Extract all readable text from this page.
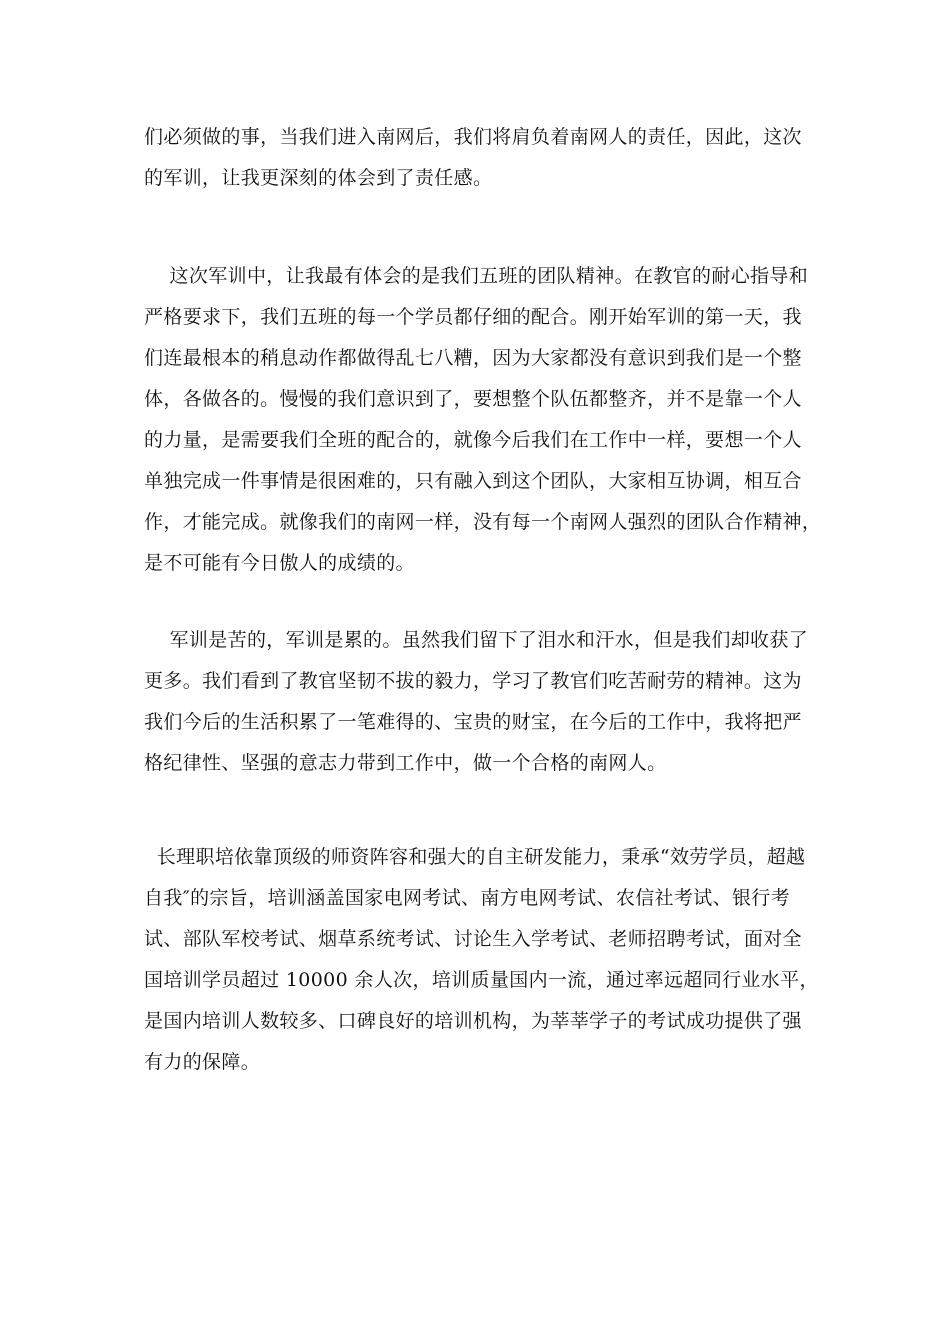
们必须做的事，当我们进入南网后，我们将肩负着南网人的责任，因此，这次
的军训，让我更深刻的体会到了责任感。
这次军训中，让我最有体会的是我们五班的团队精神。在教官的耐心指导和
严格要求下，我们五班的每一个学员都仔细的配合。刚开始军训的第一天，我
们连最根本的稍息动作都做得乱七八糟，因为大家都没有意识到我们是一个整
体，各做各的。慢慢的我们意识到了，要想整个队伍都整齐，并不是靠一个人
的力量，是需要我们全班的配合的，就像今后我们在工作中一样，要想一个人
单独完成一件事情是很困难的，只有融入到这个团队，大家相互协调，相互合
作，才能完成。就像我们的南网一样，没有每一个南网人强烈的团队合作精神，
是不可能有今日傲人的成绩的。
军训是苦的，军训是累的。虽然我们留下了泪水和汗水，但是我们却收获了
更多。我们看到了教官坚韧不拔的毅力，学习了教官们吃苦耐劳的精神。这为
我们今后的生活积累了一笔难得的、宝贵的财宝，在今后的工作中，我将把严
格纪律性、坚强的意志力带到工作中，做一个合格的南网人。
长理职培依靠顶级的师资阵容和强大的自主研发能力，秉承“效劳学员，超越
自我″的宗旨，培训涵盖国家电网考试、南方电网考试、农信社考试、银行考
试、部队军校考试、烟草系统考试、讨论生入学考试、老师招聘考试，面对全
国培训学员超过 10000 余人次，培训质量国内一流，通过率远超同行业水平，
是国内培训人数较多、口碑良好的培训机构，为莘莘学子的考试成功提供了强
有力的保障。
